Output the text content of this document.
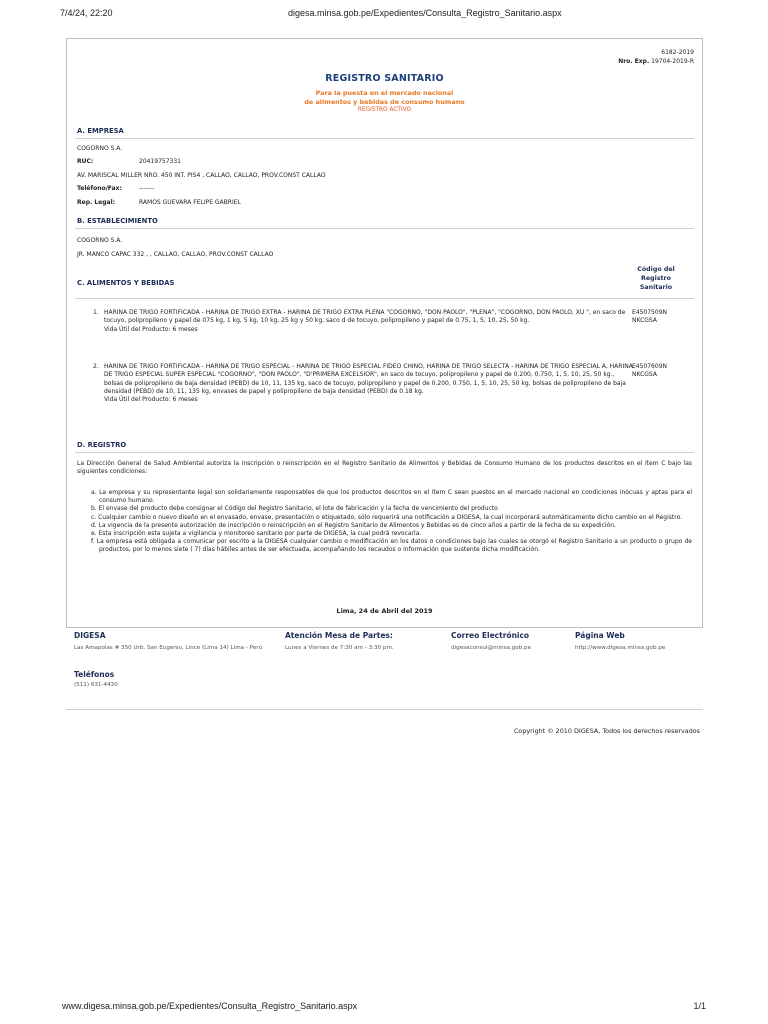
7/4/24, 22:20	digesa.minsa.gob.pe/Expedientes/Consulta_Registro_Sanitario.aspx
6182-2019
Nro. Exp. 19704-2019-R
REGISTRO SANITARIO
Para la puesta en el mercado nacional
de alimentos y bebidas de consumo humano
REGISTRO ACTIVO
A. EMPRESA
COGORNO S.A.
RUC:	20419757331
AV. MARISCAL MILLER NRO. 450 INT. PIS4 , CALLAO, CALLAO, PROV.CONST CALLAO
Teléfono/Fax:	-------
Rep. Legal:	RAMOS GUEVARA FELIPE GABRIEL
B. ESTABLECIMIENTO
COGORNO S.A.
JR. MANCO CAPAC 332 , , CALLAO, CALLAO, PROV.CONST CALLAO
C. ALIMENTOS Y BEBIDAS
Código del Registro Sanitario
1. HARINA DE TRIGO FORTIFICADA - HARINA DE TRIGO EXTRA - HARINA DE TRIGO EXTRA PLENA "COGORNO, "DON PAOLO", "PLENA", "COGORNO, DON PAOLO, XU ", en saco de tocuyo, polipropileno y papel de 075 kg, 1 kg, 5 kg, 10 kg, 25 kg y 50 kg, saco d de tocuyo, polipropileno y papel de 0.75, 1, 5, 10, 25, 50 kg.
Vida Útil del Producto: 6 meses
E4507509N NKCGSA
2. HARINA DE TRIGO FORTIFICADA - HARINA DE TRIGO ESPECIAL - HARINA DE TRIGO ESPECIAL FIDEO CHINO, HARINA DE TRIGO SELECTA - HARINA DE TRIGO ESPECIAL A, HARINA DE TRIGO ESPECIAL SUPER ESPECIAL "COGORNO", "DON PAOLO", "D'PRIMERA EXCELSIOR", en saco de tocuyo, polipropileno y papel de 0.200, 0.750, 1, 5, 10, 25, 50 kg., bolsas de polipropileno de baja densidad (PEBD) de 10, 11, 135 kg, saco de tocuyo, polipropileno y papel de 0.200, 0.750, 1, 5, 10, 25, 50 kg, bolsas de polipropileno de baja densidad (PEBD) de 10, 11, 135 kg, envases de papel y polipropileno de baja densidad (PEBD) de 0.18 kg.
Vida Útil del Producto: 6 meses
E4507609N NKCGSA
D. REGISTRO
La Dirección General de Salud Ambiental autoriza la inscripción o reinscripción en el Registro Sanitario de Alimentos y Bebidas de Consumo Humano de los productos descritos en el ítem C bajo las siguientes condiciones:
a. La empresa y su representante legal son solidariamente responsables de que los productos descritos en el ítem C sean puestos en el mercado nacional en condiciones inócuas y aptas para el consumo humano.
b. El envase del producto debe consignar el Código del Registro Sanitario, el lote de fabricación y la fecha de vencimiento del producto
c. Cualquier cambio o nuevo diseño en el envasado, envase, presentación o etiquetado, sólo requerirá una notificación a DIGESA, la cual incorporará automáticamente dicho cambio en el Registro.
d. La vigencia de la presente autorización de inscripción o reinscripción en el Registro Sanitario de Alimentos y Bebidas es de cinco años a partir de la fecha de su expedición.
e. Esta inscripción esta sujeta a vigilancia y monitoreo sanitario por parte de DIGESA, la cual podrá revocarla.
f. La empresa está obligada a comunicar por escrito a la DIGESA cualquier cambio o modificación en los datos o condiciones bajo las cuales se otorgó el Registro Sanitario a un producto o grupo de productos, por lo menos siete ( 7) días hábiles antes de ser efectuada, acompañando los recaudos o información que sustente dicha modificación.
Lima, 24 de Abril del 2019
DIGESA
Las Amapolas # 350 Urb. San Eugenio, Lince (Lima 14) Lima - Perú
Atención Mesa de Partes:
Lunes a Viernes de 7:30 am - 3:30 pm.
Correo Electrónico
digesaconsul@minsa.gob.pe
Página Web
http://www.digesa.minsa.gob.pe
Teléfonos
(511) 631-4430
Copyright © 2010 DIGESA, Todos los derechos reservados
www.digesa.minsa.gob.pe/Expedientes/Consulta_Registro_Sanitario.aspx	1/1
